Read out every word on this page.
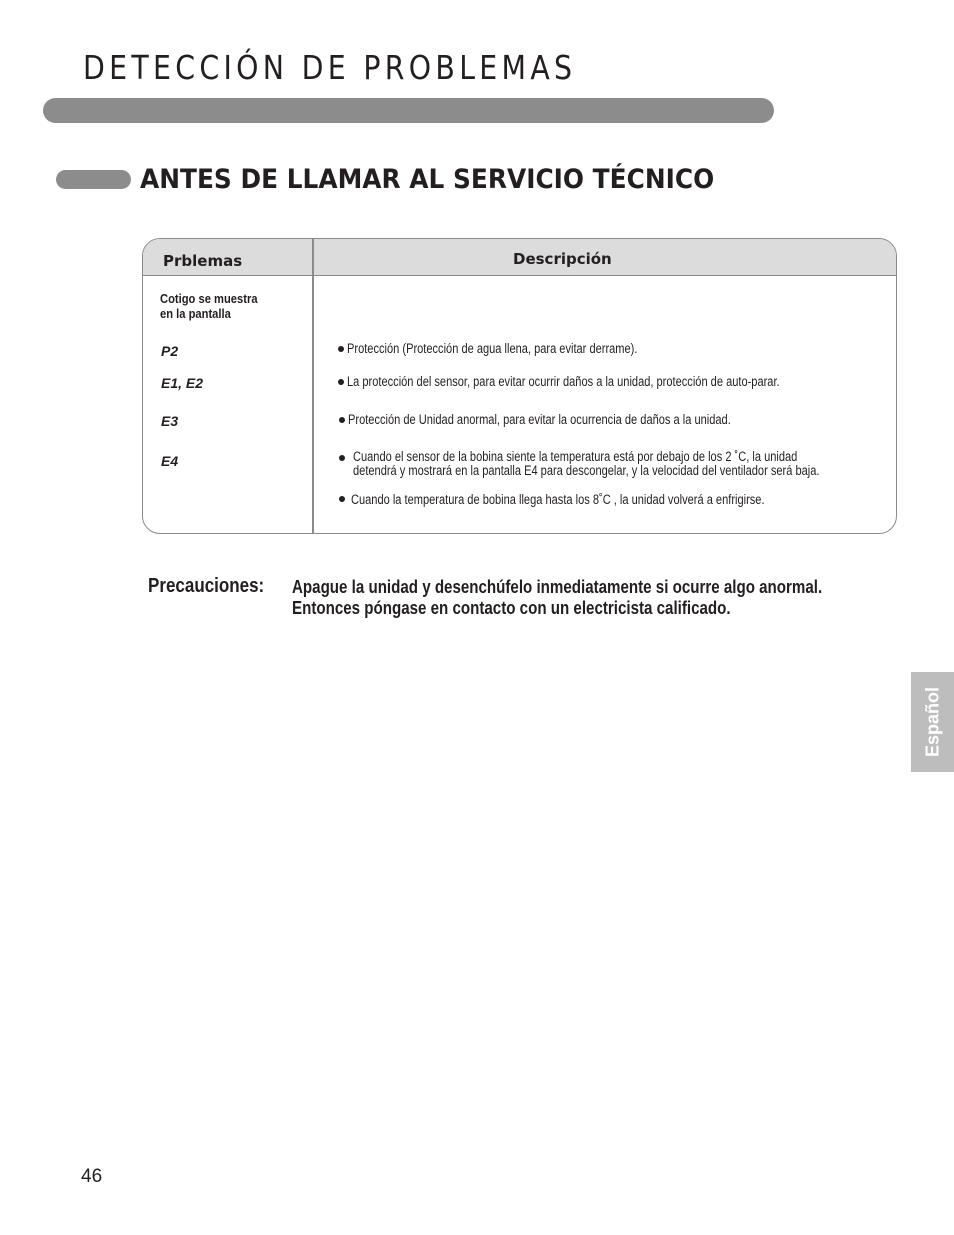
DETECCIÓN DE PROBLEMAS
ANTES DE LLAMAR AL SERVICIO TÉCNICO
Prblemas	Descripción
Cotigo se muestra
en la pantalla
P2	Protección (Protección de agua llena, para evitar derrame).
E1, E2	La protección del sensor, para evitar ocurrir daños a la unidad, protección de auto-parar.
E3	Protección de Unidad anormal, para evitar la ocurrencia de daños a la unidad.
E4	Cuando el sensor de la bobina siente la temperatura está por debajo de los 2 ˚C, la unidad
detendrá y mostrará en la pantalla E4 para descongelar, y la velocidad del ventilador será baja.
Cuando la temperatura de bobina llega hasta los 8˚C , la unidad volverá a enfrigirse.
Precauciones: Apague la unidad y desenchúfelo inmediatamente si ocurre algo anormal.
Entonces póngase en contacto con un electricista calificado.
Español
46
